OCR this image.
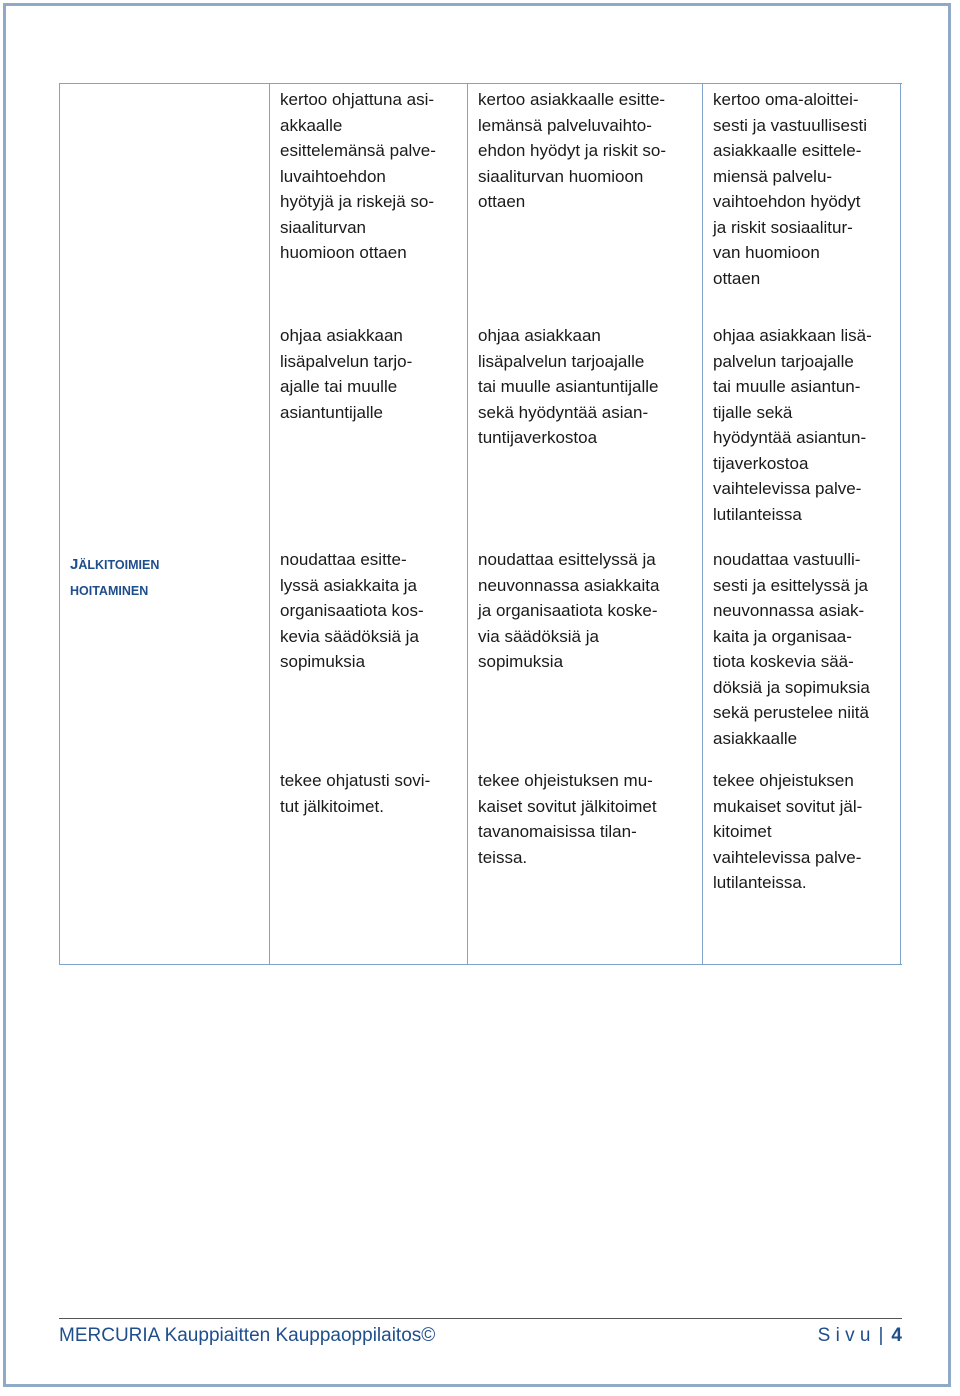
JÄLKITOIMIEN
HOITAMINEN

kertoo ohjattuna asi-
akkaalle
esittelemänsä palve-
luvaihtoehdon
hyötyjä ja riskejä so-
siaaliturvan
huomioon ottaen

kertoo asiakkaalle esitte-
lemänsä palveluvaihto-
ehdon hyödyt ja riskit so-
siaaliturvan huomioon
ottaen

kertoo oma-aloittei-
sesti ja vastuullisesti
asiakkaalle esittele-
miensä palvelu-
vaihtoehdon hyödyt
ja riskit sosiaalitur-
van huomioon
ottaen

ohjaa asiakkaan
lisäpalvelun tarjo-
ajalle tai muulle
asiantuntijalle

ohjaa asiakkaan
lisäpalvelun tarjoajalle
tai muulle asiantuntijalle
sekä hyödyntää asian-
tuntijaverkostoa

ohjaa asiakkaan lisä-
palvelun tarjoajalle
tai muulle asiantun-
tijalle sekä
hyödyntää asiantun-
tijaverkostoa
vaihtelevissa palve-
lutilanteissa

noudattaa esitte-
lyssä asiakkaita ja
organisaatiota kos-
kevia säädöksiä ja
sopimuksia

noudattaa esittelyssä ja
neuvonnassa asiakkaita
ja organisaatiota koske-
via säädöksiä ja
sopimuksia

noudattaa vastuulli-
sesti ja esittelyssä ja
neuvonnassa asiak-
kaita ja organisaa-
tiota koskevia sää-
döksiä ja sopimuksia
sekä perustelee niitä
asiakkaalle

tekee ohjatusti sovi-
tut jälkitoimet.

tekee ohjeistuksen mu-
kaiset sovitut jälkitoimet
tavanomaisissa tilan-
teissa.

tekee ohjeistuksen
mukaiset sovitut jäl-
kitoimet
vaihtelevissa palve-
lutilanteissa.

MERCURIA Kauppiaitten Kauppaoppilaitos©	S i v u | 4
